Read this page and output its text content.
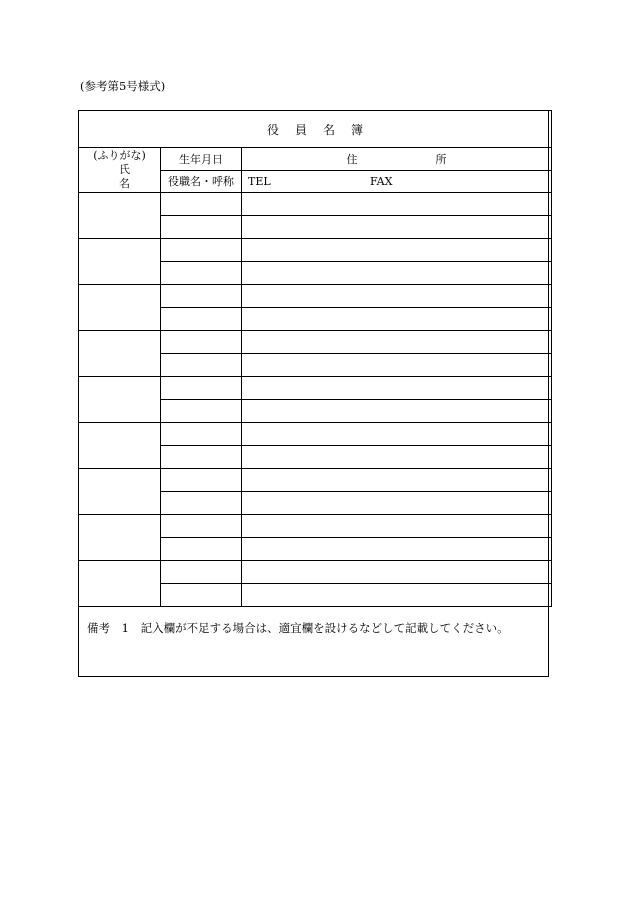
(参考第5号様式)
役員名簿		

(ふりがな)
氏名	生年月日	住所
	役職名・呼称	TEL FAX

備考 1 記入欄が不足する場合は、適宜欄を設けるなどして記載してください。
